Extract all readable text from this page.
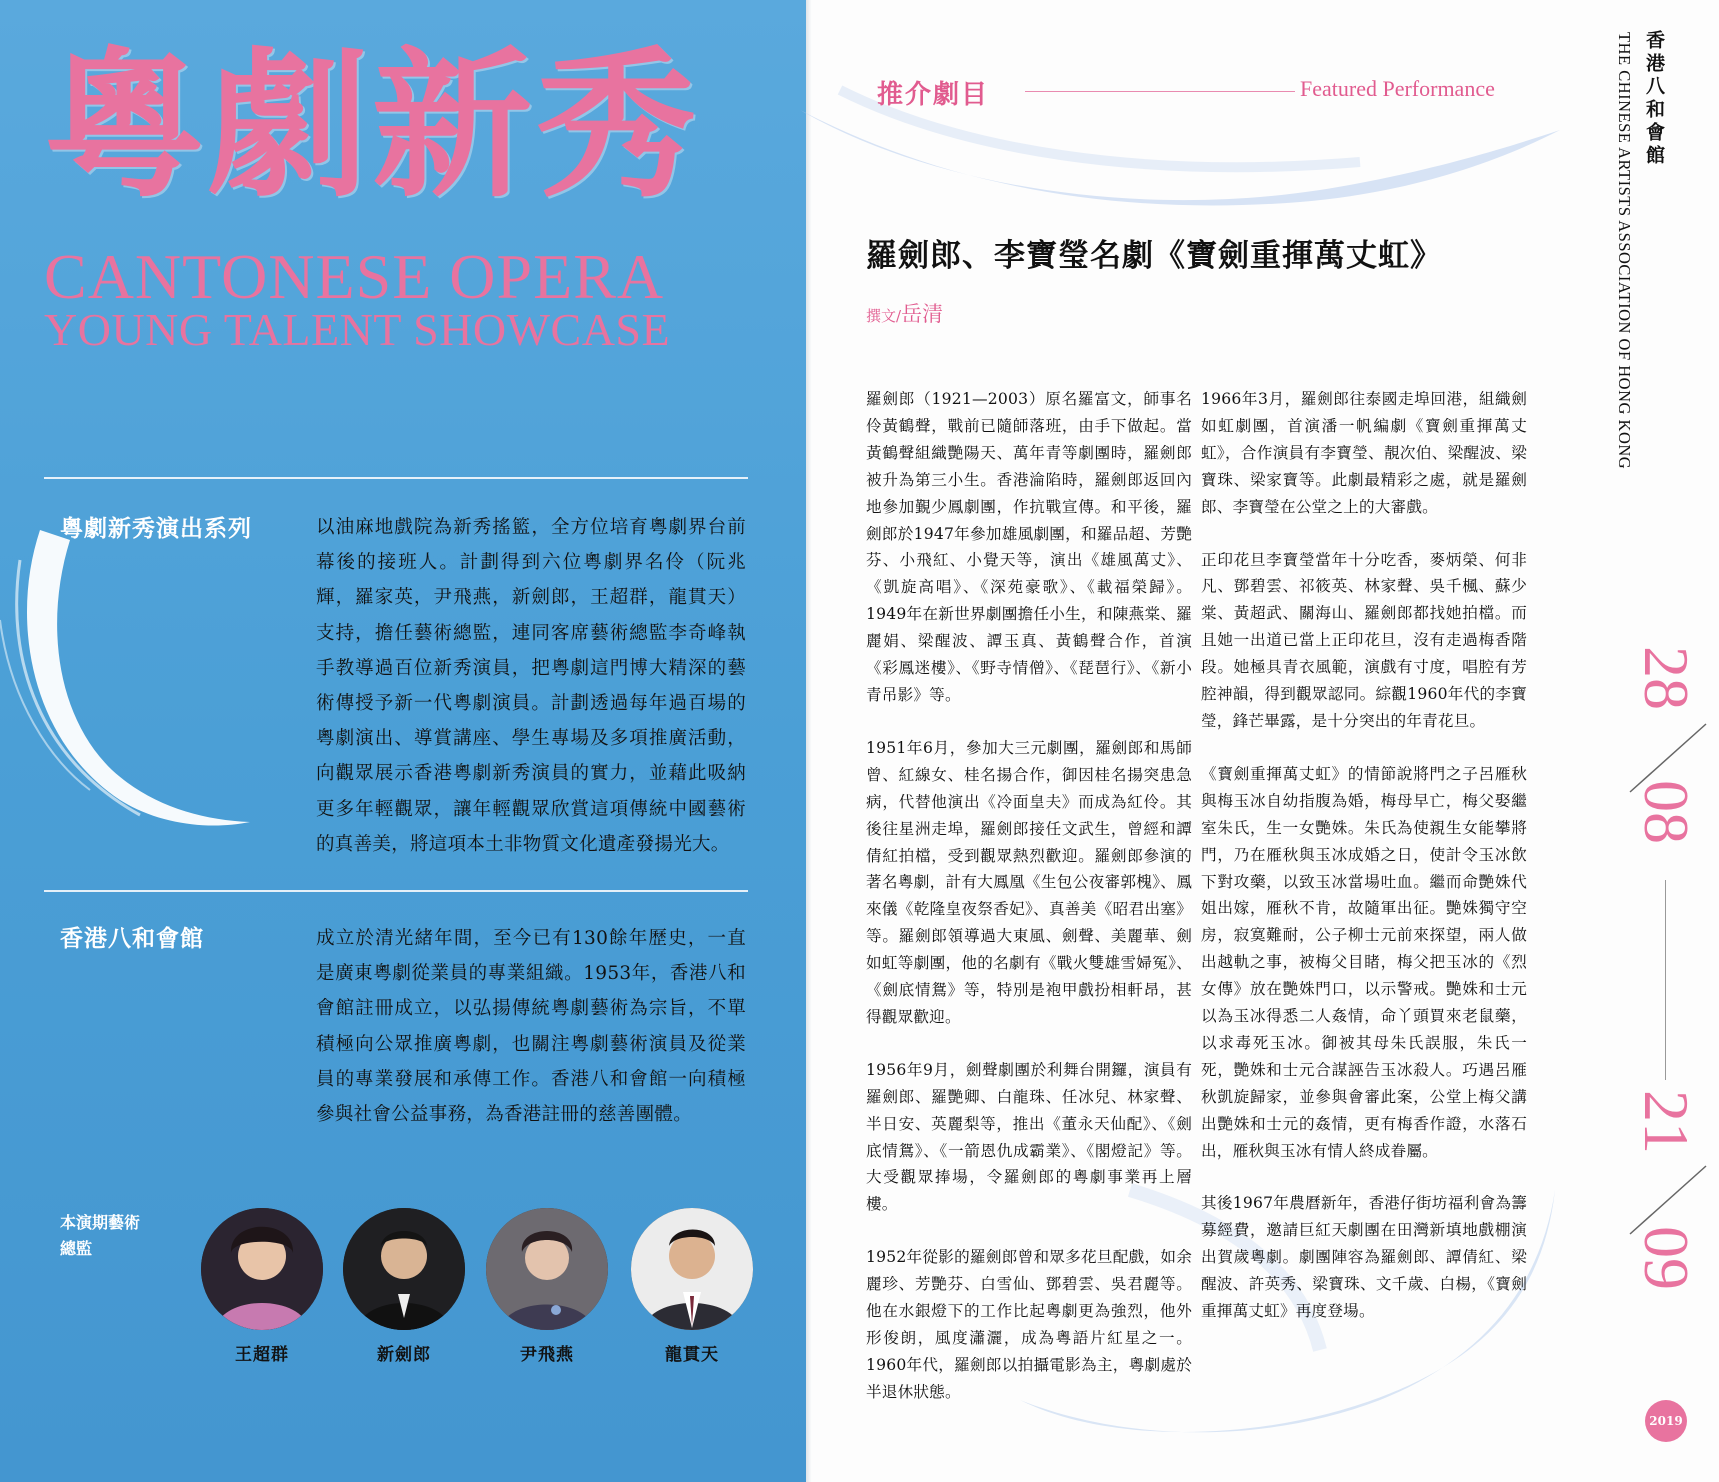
粵劇新秀
CANTONESE OPERA
YOUNG TALENT SHOWCASE
粵劇新秀演出系列	以油麻地戲院為新秀搖籃，全方位培育粵劇界台前幕後的接班人。計劃得到六位粵劇界名伶（阮兆輝，羅家英，尹飛燕，新劍郎，王超群，龍貫天）支持，擔任藝術總監，連同客席藝術總監李奇峰執手教導過百位新秀演員，把粵劇這門博大精深的藝術傳授予新一代粵劇演員。計劃透過每年過百場的粵劇演出、導賞講座、學生專場及多項推廣活動，向觀眾展示香港粵劇新秀演員的實力，並藉此吸納更多年輕觀眾，讓年輕觀眾欣賞這項傳統中國藝術的真善美，將這項本土非物質文化遺產發揚光大。
香港八和會館	成立於清光緒年間，至今已有130餘年歷史，一直是廣東粵劇從業員的專業組織。1953年，香港八和會館註冊成立，以弘揚傳統粵劇藝術為宗旨，不單積極向公眾推廣粵劇，也關注粵劇藝術演員及從業員的專業發展和承傳工作。香港八和會館一向積極參與社會公益事務，為香港註冊的慈善團體。
本演期藝術總監
王超群	新劍郎	尹飛燕	龍貫天
推介劇目	Featured Performance
羅劍郎、李寶瑩名劇《寶劍重揮萬丈虹》
撰文/岳清

羅劍郎（1921—2003）原名羅富文，師事名伶黃鶴聲，戰前已隨師落班，由手下做起。當黃鶴聲組織艷陽天、萬年青等劇團時，羅劍郎被升為第三小生。香港淪陷時，羅劍郎返回內地參加覲少鳳劇團，作抗戰宣傳。和平後，羅劍郎於1947年參加雄風劇團，和羅品超、芳艷芬、小飛紅、小覺天等，演出《雄風萬丈》、《凱旋高唱》、《深苑豪歌》、《載福榮歸》。1949年在新世界劇團擔任小生，和陳燕棠、羅麗娟、梁醒波、譚玉真、黃鶴聲合作，首演《彩鳳迷樓》、《野寺情僧》、《琵琶行》、《新小青吊影》等。

1951年6月，參加大三元劇團，羅劍郎和馬師曾、紅線女、桂名揚合作，御因桂名揚突患急病，代替他演出《冷面皇夫》而成為紅伶。其後往星洲走埠，羅劍郎接任文武生，曾經和譚倩紅拍檔，受到觀眾熱烈歡迎。羅劍郎參演的著名粵劇，計有大鳳凰《生包公夜審郭槐》、鳳來儀《乾隆皇夜祭香妃》、真善美《昭君出塞》等。羅劍郎領導過大東風、劍聲、美麗華、劍如虹等劇團，他的名劇有《戰火雙雄雪婦冤》、《劍底情鴛》等，特別是袍甲戲扮相軒昂，甚得觀眾歡迎。

1956年9月，劍聲劇團於利舞台開鑼，演員有羅劍郎、羅艷卿、白龍珠、任冰兒、林家聲、半日安、英麗梨等，推出《董永天仙配》、《劍底情鴛》、《一箭恩仇成霸業》、《閣燈記》等。大受觀眾捧場，令羅劍郎的粵劇事業再上層樓。

1952年從影的羅劍郎曾和眾多花旦配戲，如余麗珍、芳艷芬、白雪仙、鄧碧雲、吳君麗等。他在水銀燈下的工作比起粵劇更為強烈，他外形俊朗，風度瀟灑，成為粵語片紅星之一。1960年代，羅劍郎以拍攝電影為主，粵劇處於半退休狀態。

1966年3月，羅劍郎往泰國走埠回港，組織劍如虹劇團，首演潘一帆編劇《寶劍重揮萬丈虹》，合作演員有李寶瑩、靚次伯、梁醒波、梁寶珠、梁家寶等。此劇最精彩之處，就是羅劍郎、李寶瑩在公堂之上的大審戲。

正印花旦李寶瑩當年十分吃香，麥炳榮、何非凡、鄧碧雲、祁筱英、林家聲、吳千楓、蘇少棠、黃超武、關海山、羅劍郎都找她拍檔。而且她一出道已當上正印花旦，沒有走過梅香階段。她極具青衣風範，演戲有寸度，唱腔有芳腔神韻，得到觀眾認同。綜觀1960年代的李寶瑩，鋒芒畢露，是十分突出的年青花旦。

《寶劍重揮萬丈虹》的情節說將門之子呂雁秋與梅玉冰自幼指腹為婚，梅母早亡，梅父娶繼室朱氏，生一女艷姝。朱氏為使親生女能攀將門，乃在雁秋與玉冰成婚之日，使計令玉冰飲下對攻藥，以致玉冰當場吐血。繼而命艷姝代姐出嫁，雁秋不肯，故隨軍出征。艷姝獨守空房，寂寞難耐，公子柳士元前來探望，兩人做出越軌之事，被梅父目睹，梅父把玉冰的《烈女傳》放在艷姝門口，以示警戒。艷姝和士元以為玉冰得悉二人姦情，命丫頭買來老鼠藥，以求毒死玉冰。御被其母朱氏誤服，朱氏一死，艷姝和士元合謀誣告玉冰殺人。巧遇呂雁秋凱旋歸家，並參與會審此案，公堂上梅父講出艷姝和士元的姦情，更有梅香作證，水落石出，雁秋與玉冰有情人終成眷屬。

其後1967年農曆新年，香港仔街坊福利會為籌募經費，邀請巨紅天劇團在田灣新填地戲棚演出賀歲粵劇。劇團陣容為羅劍郎、譚倩紅、梁醒波、許英秀、梁寶珠、文千歲、白楊，《寶劍重揮萬丈虹》再度登場。

香港八和會館
THE CHINESE ARTISTS ASSOCIATION OF HONG KONG
28
08
21
09
2019
